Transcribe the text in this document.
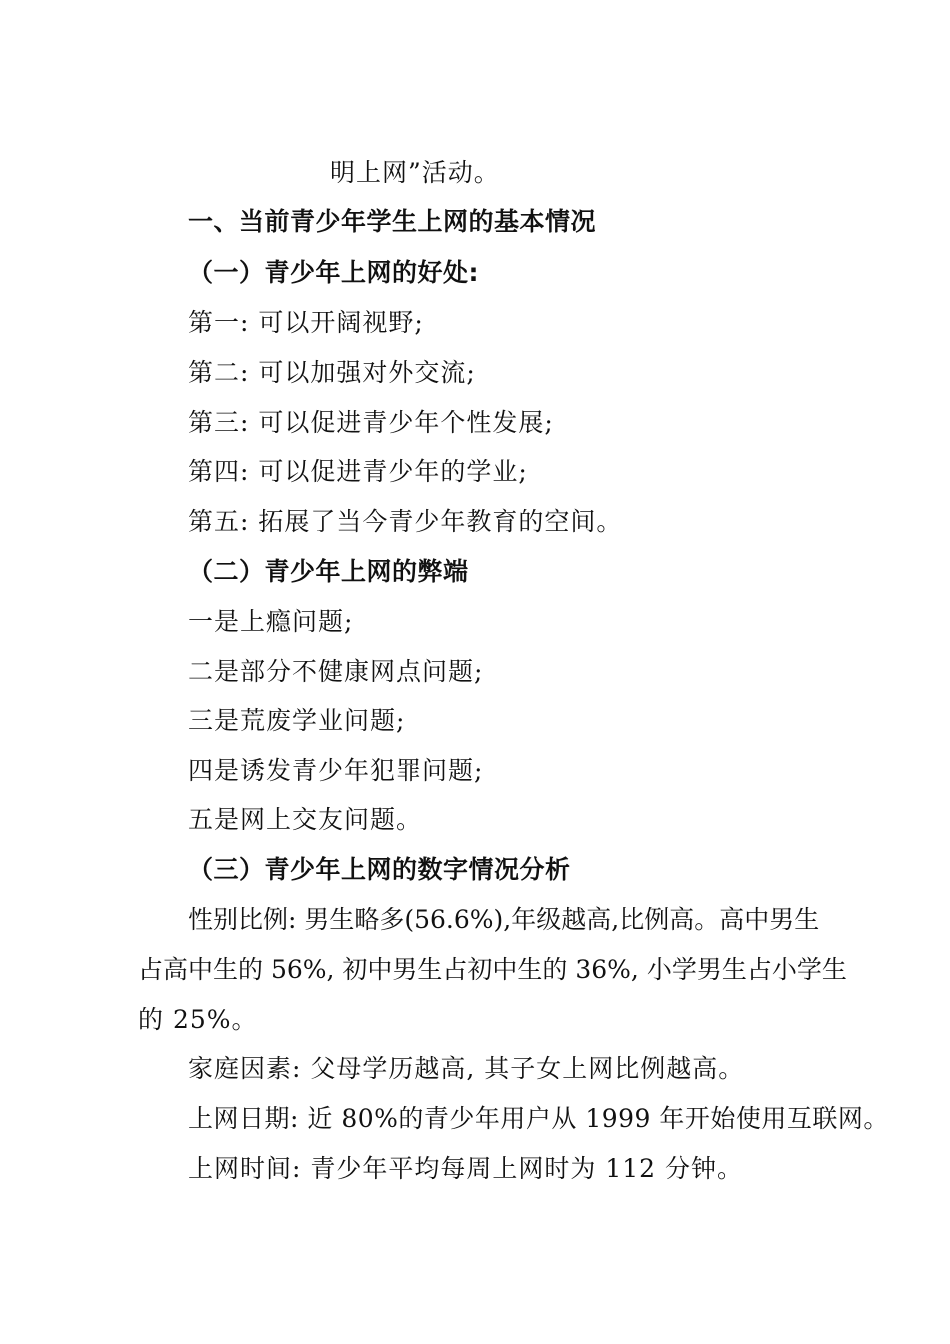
明上网”活动。
一、当前青少年学生上网的基本情况
（一）青少年上网的好处:
第一: 可以开阔视野;
第二: 可以加强对外交流;
第三: 可以促进青少年个性发展;
第四: 可以促进青少年的学业;
第五: 拓展了当今青少年教育的空间。
（二）青少年上网的弊端
一是上瘾问题;
二是部分不健康网点问题;
三是荒废学业问题;
四是诱发青少年犯罪问题;
五是网上交友问题。
（三）青少年上网的数字情况分析
性别比例: 男生略多(56.6%),年级越高,比例高。高中男生
占高中生的 56%, 初中男生占初中生的 36%, 小学男生占小学生
的 25%。
家庭因素: 父母学历越高, 其子女上网比例越高。
上网日期: 近 80%的青少年用户从 1999 年开始使用互联网。
上网时间: 青少年平均每周上网时为 112 分钟。
